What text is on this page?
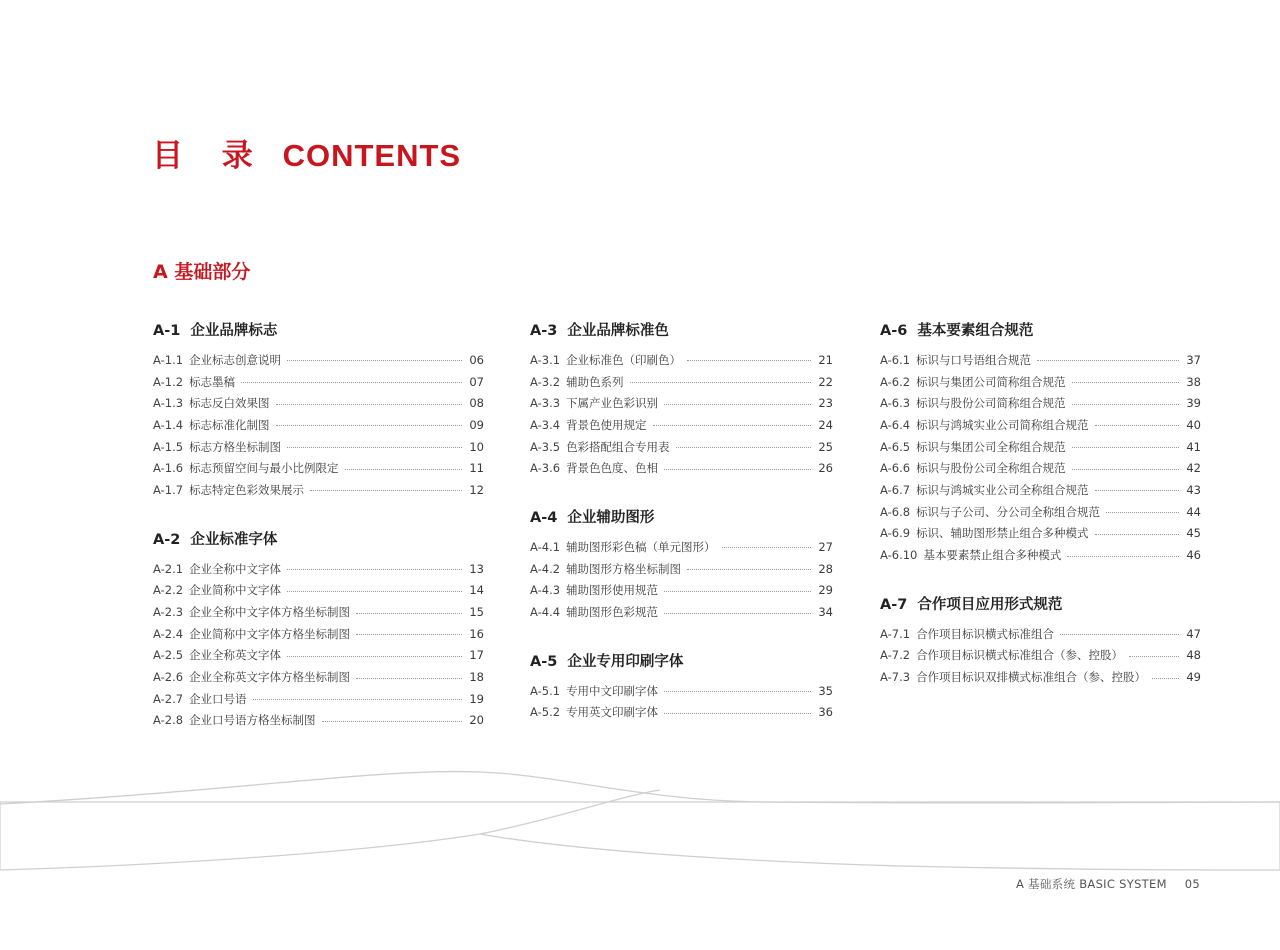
目 录 CONTENTS
A 基础部分
A-1 企业品牌标志
A-1.1 企业标志创意说明	06
A-1.2 标志墨稿	07
A-1.3 标志反白效果图	08
A-1.4 标志标准化制图	09
A-1.5 标志方格坐标制图	10
A-1.6 标志预留空间与最小比例限定	11
A-1.7 标志特定色彩效果展示	12
A-2 企业标准字体
A-2.1 企业全称中文字体	13
A-2.2 企业简称中文字体	14
A-2.3 企业全称中文字体方格坐标制图	15
A-2.4 企业简称中文字体方格坐标制图	16
A-2.5 企业全称英文字体	17
A-2.6 企业全称英文字体方格坐标制图	18
A-2.7 企业口号语	19
A-2.8 企业口号语方格坐标制图	20
A-3 企业品牌标准色
A-3.1 企业标准色（印刷色）	21
A-3.2 辅助色系列	22
A-3.3 下属产业色彩识别	23
A-3.4 背景色使用规定	24
A-3.5 色彩搭配组合专用表	25
A-3.6 背景色色度、色相	26
A-4 企业辅助图形
A-4.1 辅助图形彩色稿（单元图形）	27
A-4.2 辅助图形方格坐标制图	28
A-4.3 辅助图形使用规范	29
A-4.4 辅助图形色彩规范	34
A-5 企业专用印刷字体
A-5.1 专用中文印刷字体	35
A-5.2 专用英文印刷字体	36
A-6 基本要素组合规范
A-6.1 标识与口号语组合规范	37
A-6.2 标识与集团公司简称组合规范	38
A-6.3 标识与股份公司简称组合规范	39
A-6.4 标识与鸿城实业公司简称组合规范	40
A-6.5 标识与集团公司全称组合规范	41
A-6.6 标识与股份公司全称组合规范	42
A-6.7 标识与鸿城实业公司全称组合规范	43
A-6.8 标识与子公司、分公司全称组合规范	44
A-6.9 标识、辅助图形禁止组合多种模式	45
A-6.10 基本要素禁止组合多种模式	46
A-7 合作项目应用形式规范
A-7.1 合作项目标识横式标准组合	47
A-7.2 合作项目标识横式标准组合（参、控股）	48
A-7.3 合作项目标识双排横式标准组合（参、控股）	49
A 基础系统 BASIC SYSTEM 05
